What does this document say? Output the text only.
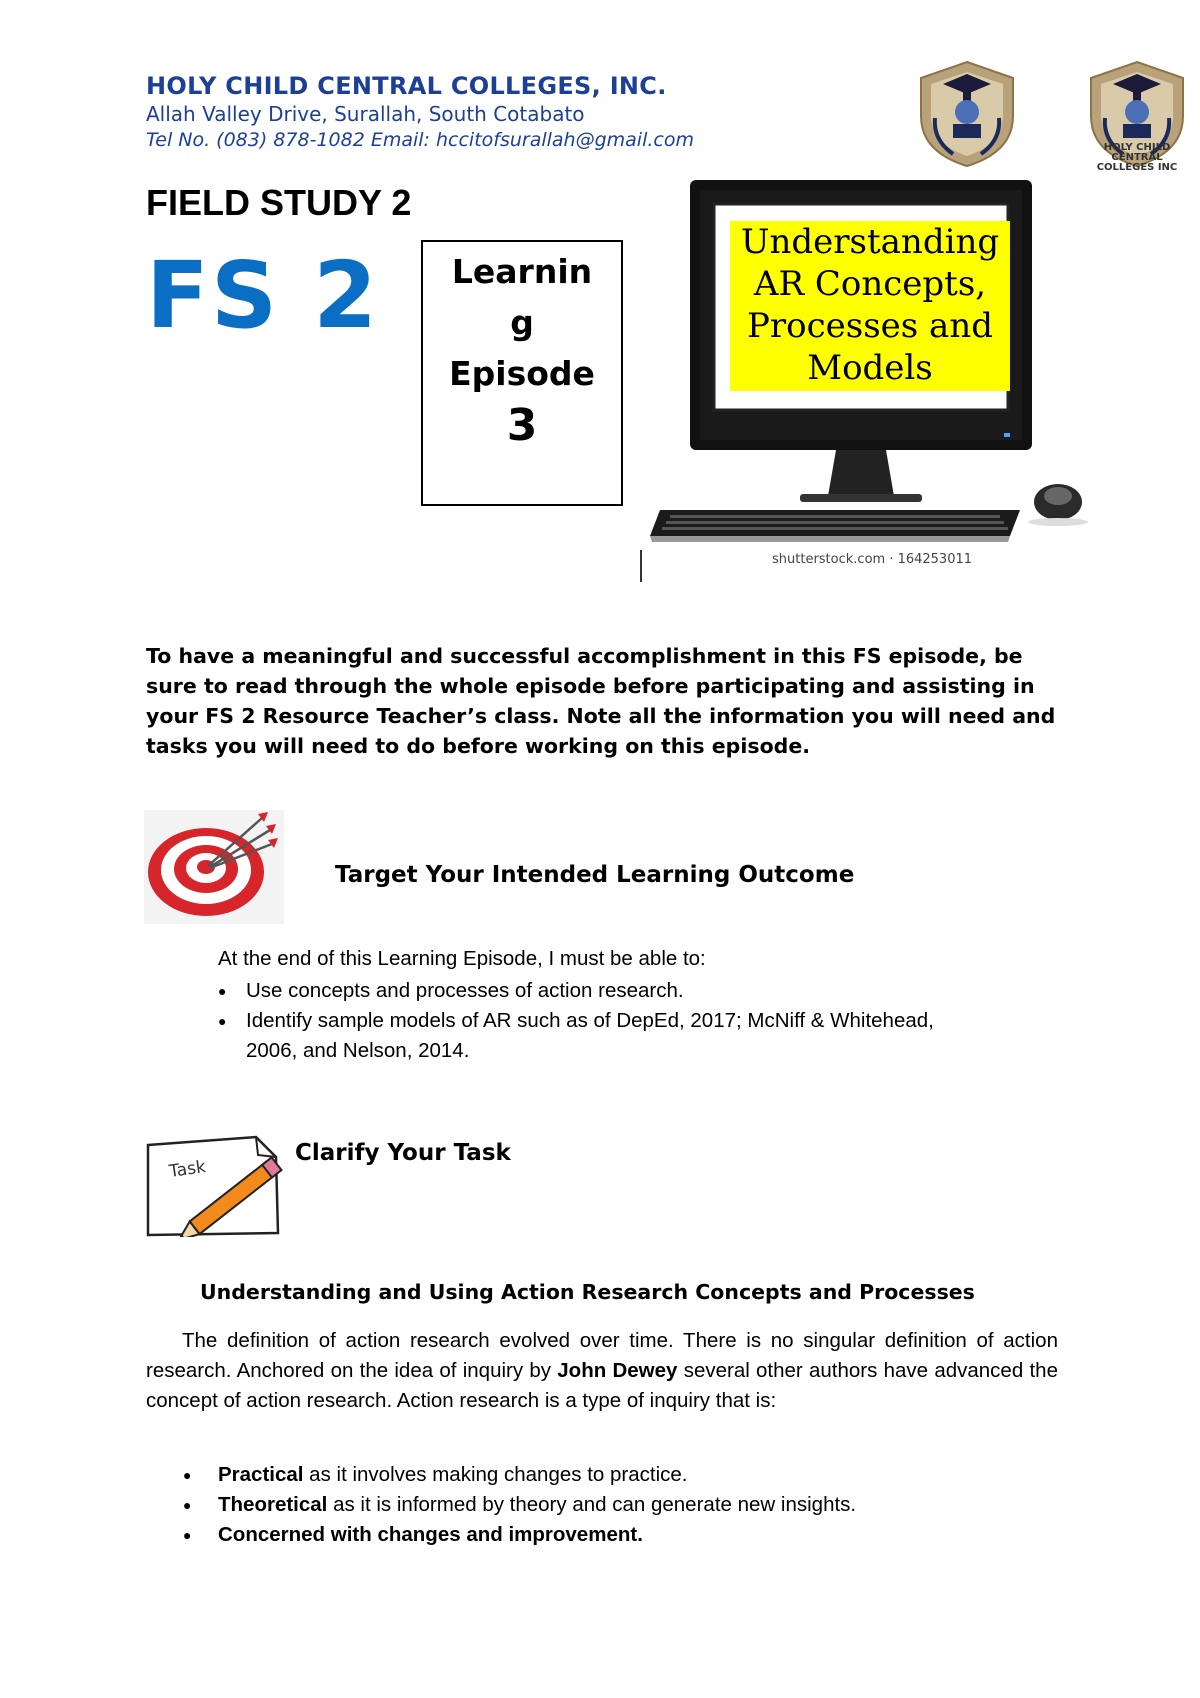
HOLY CHILD CENTRAL COLLEGES, INC.
Allah Valley Drive, Surallah, South Cotabato
Tel No. (083) 878-1082 Email: hccitofsurallah@gmail.com	HOLY CHILD CENTRAL
COLLEGES INC
FIELD STUDY 2
FS 2	Learnin
g
Episode
3
shutterstock.com · 164253011
Understanding
AR Concepts,
Processes and
Models
To have a meaningful and successful accomplishment in this FS episode, be sure to read through the whole episode before participating and assisting in your FS 2 Resource Teacher’s class. Note all the information you will need and tasks you will need to do before working on this episode.
Target Your Intended Learning Outcome
At the end of this Learning Episode, I must be able to:
● Use concepts and processes of action research.
● Identify sample models of AR such as of DepEd, 2017; McNiff & Whitehead, 2006, and Nelson, 2014.
Task
Clarify Your Task
Understanding and Using Action Research Concepts and Processes
The definition of action research evolved over time. There is no singular definition of action research. Anchored on the idea of inquiry by John Dewey several other authors have advanced the concept of action research. Action research is a type of inquiry that is:
● Practical as it involves making changes to practice.
● Theoretical as it is informed by theory and can generate new insights.
● Concerned with changes and improvement.
